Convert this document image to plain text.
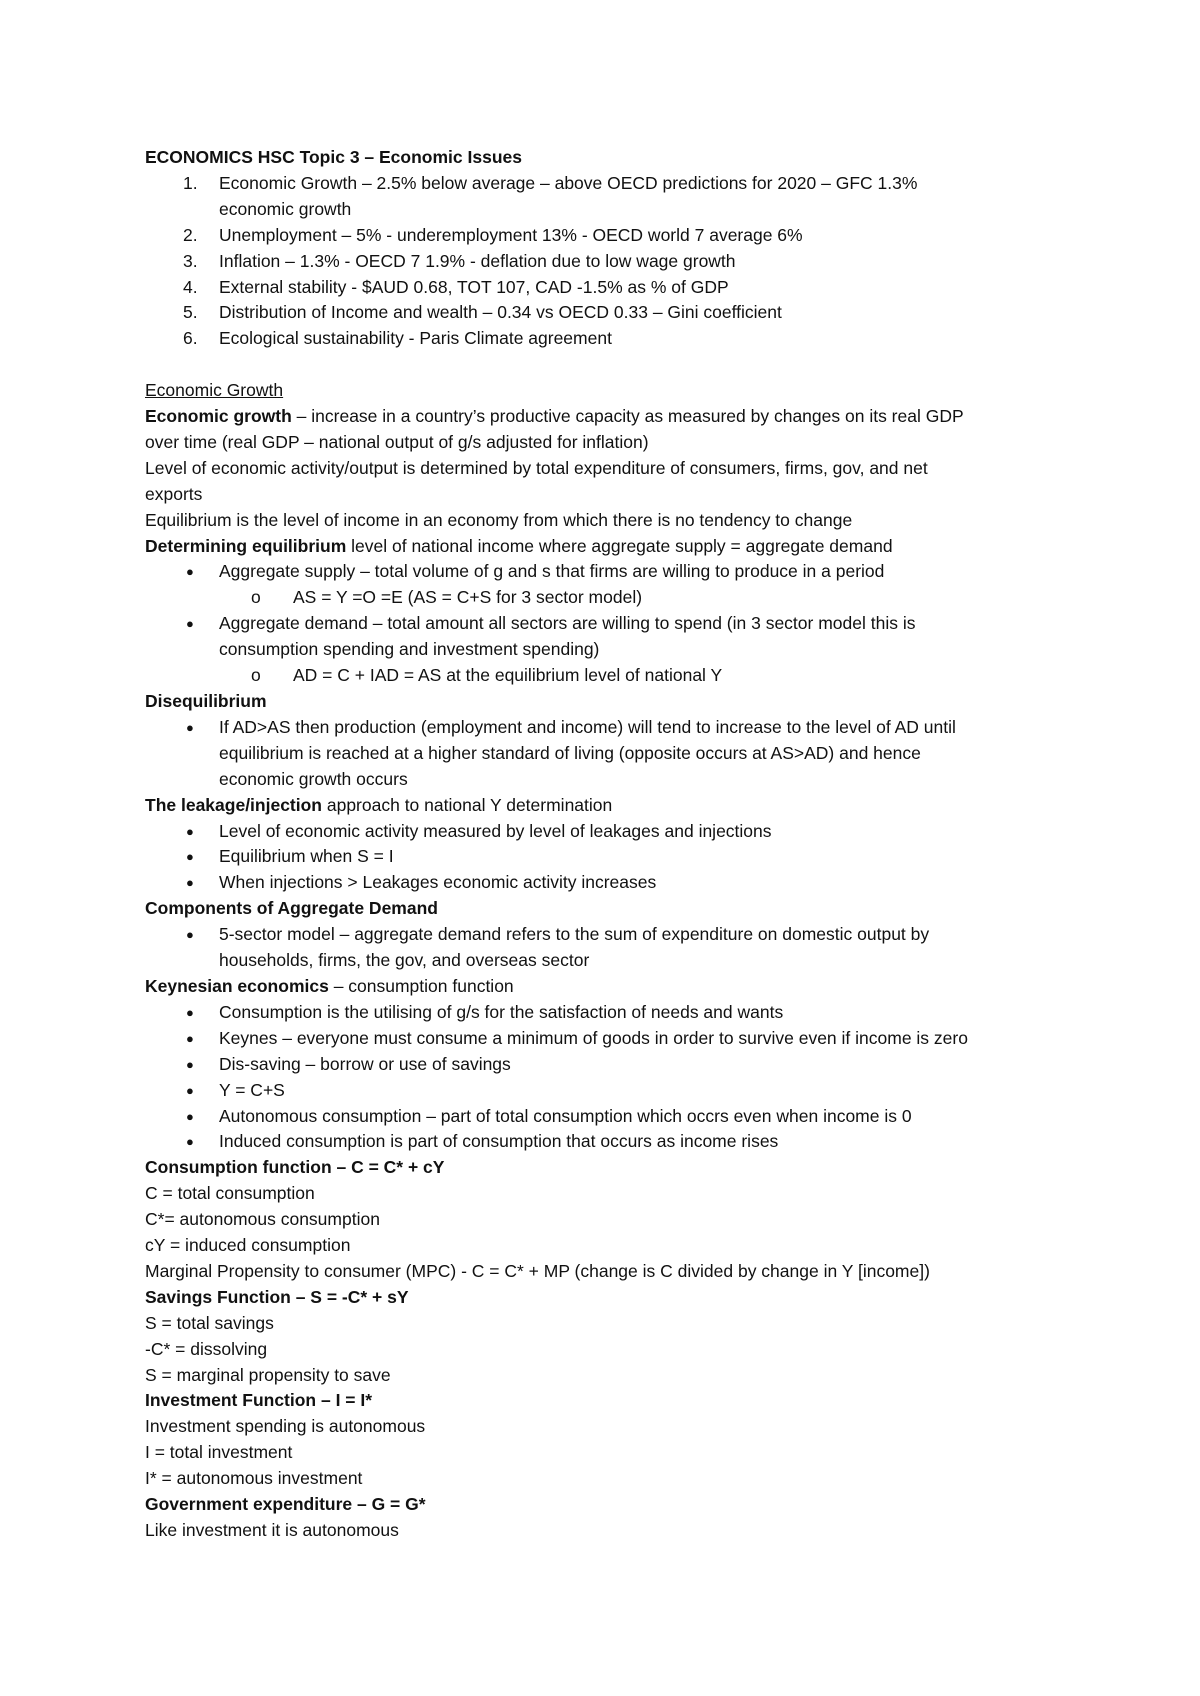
ECONOMICS HSC Topic 3 – Economic Issues
1. Economic Growth – 2.5% below average – above OECD predictions for 2020 – GFC 1.3%
economic growth
2. Unemployment – 5% - underemployment 13% - OECD world 7 average 6%
3. Inflation – 1.3% - OECD 7 1.9% - deflation due to low wage growth
4. External stability - $AUD 0.68, TOT 107, CAD -1.5% as % of GDP
5. Distribution of Income and wealth – 0.34 vs OECD 0.33 – Gini coefficient
6. Ecological sustainability - Paris Climate agreement
Economic Growth
Economic growth – increase in a country’s productive capacity as measured by changes on its real GDP
over time (real GDP – national output of g/s adjusted for inflation)
Level of economic activity/output is determined by total expenditure of consumers, firms, gov, and net
exports
Equilibrium is the level of income in an economy from which there is no tendency to change
Determining equilibrium level of national income where aggregate supply = aggregate demand
● Aggregate supply – total volume of g and s that firms are willing to produce in a period
o AS = Y =O =E (AS = C+S for 3 sector model)
● Aggregate demand – total amount all sectors are willing to spend (in 3 sector model this is
consumption spending and investment spending)
o AD = C + IAD = AS at the equilibrium level of national Y
Disequilibrium
● If AD>AS then production (employment and income) will tend to increase to the level of AD until
equilibrium is reached at a higher standard of living (opposite occurs at AS>AD) and hence
economic growth occurs
The leakage/injection approach to national Y determination
● Level of economic activity measured by level of leakages and injections
● Equilibrium when S = I
● When injections > Leakages economic activity increases
Components of Aggregate Demand
● 5-sector model – aggregate demand refers to the sum of expenditure on domestic output by
households, firms, the gov, and overseas sector
Keynesian economics – consumption function
● Consumption is the utilising of g/s for the satisfaction of needs and wants
● Keynes – everyone must consume a minimum of goods in order to survive even if income is zero
● Dis-saving – borrow or use of savings
● Y = C+S
● Autonomous consumption – part of total consumption which occrs even when income is 0
● Induced consumption is part of consumption that occurs as income rises
Consumption function – C = C* + cY
C = total consumption
C*= autonomous consumption
cY = induced consumption
Marginal Propensity to consumer (MPC) - C = C* + MP (change is C divided by change in Y [income])
Savings Function – S = -C* + sY
S = total savings
-C* = dissolving
S = marginal propensity to save
Investment Function – I = I*
Investment spending is autonomous
I = total investment
I* = autonomous investment
Government expenditure – G = G*
Like investment it is autonomous
